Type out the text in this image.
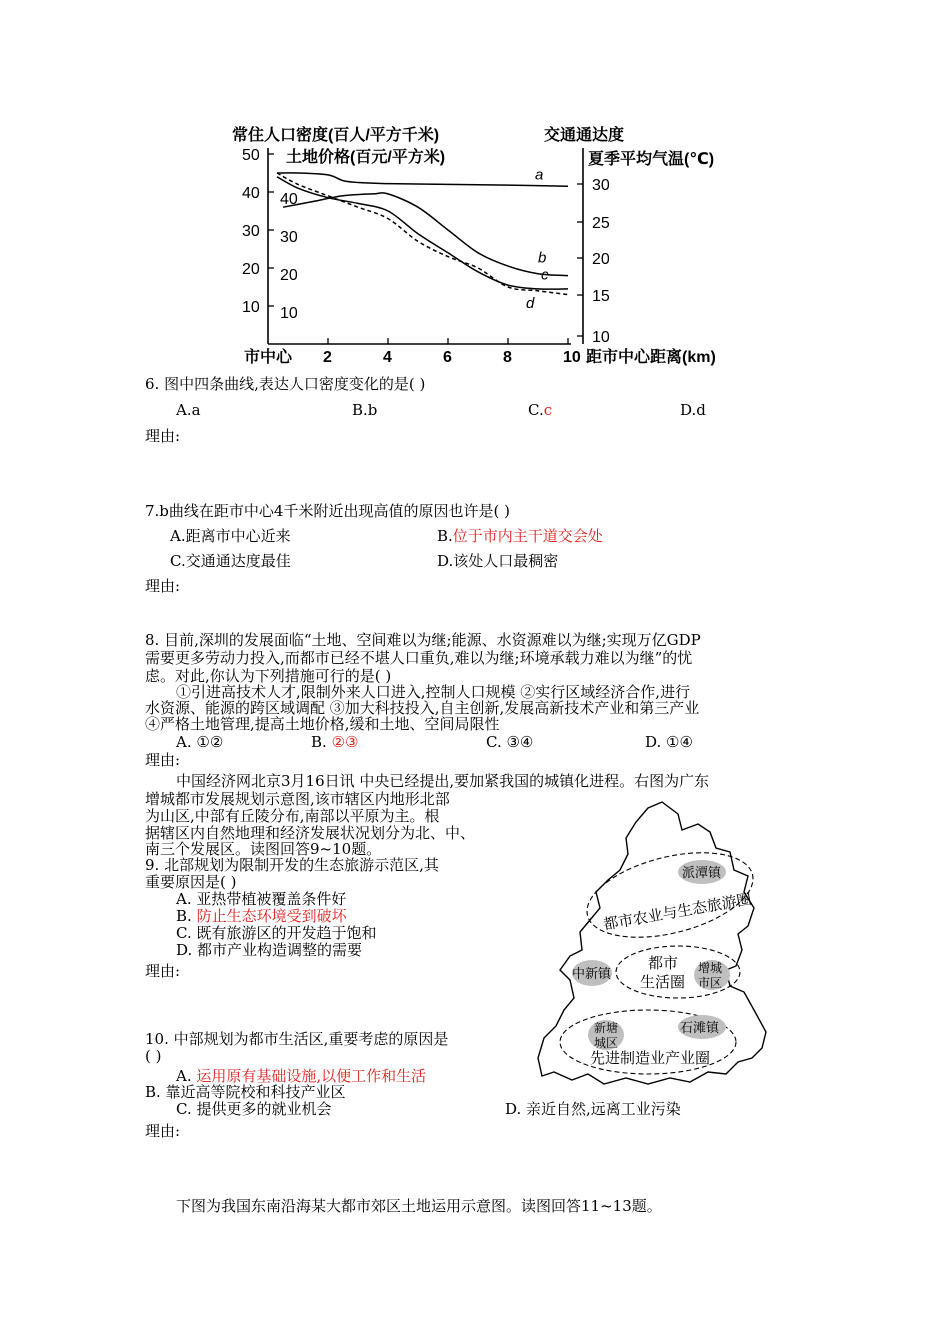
常住人口密度(百人/平方千米)
土地价格(百元/平方米)
交通通达度
夏季平均气温(℃)
50
40
30
20
10
40
30
20
10
30
25
20
15
10
2	4	6	8	10
a
b
c
d
市中心	距市中心距离(km)
6. 图中四条曲线,表达人口密度变化的是( )
A.a	B.b	C.c	D.d
理由:
7.b曲线在距市中心4千米附近出现高值的原因也许是( )
A.距离市中心近来	B.位于市内主干道交会处
C.交通通达度最佳	D.该处人口最稠密
理由:
8. 目前,深圳的发展面临“土地、空间难以为继;能源、水资源难以为继;实现万亿GDP
需要更多劳动力投入,而都市已经不堪人口重负,难以为继;环境承载力难以为继”的忧
虑。对此,你认为下列措施可行的是( )
①引进高技术人才,限制外来人口进入,控制人口规模 ②实行区域经济合作,进行
水资源、能源的跨区域调配 ③加大科技投入,自主创新,发展高新技术产业和第三产业
④严格土地管理,提高土地价格,缓和土地、空间局限性
A. ①②	B. ②③	C. ③④	D. ①④
理由:
中国经济网北京3月16日讯 中央已经提出,要加紧我国的城镇化进程。右图为广东
增城都市发展规划示意图,该市辖区内地形北部
为山区,中部有丘陵分布,南部以平原为主。根
据辖区内自然地理和经济发展状况划分为北、中、
南三个发展区。读图回答9~10题。
9. 北部规划为限制开发的生态旅游示范区,其
重要原因是( )
A. 亚热带植被覆盖条件好
B. 防止生态环境受到破坏
C. 既有旅游区的开发趋于饱和
D. 都市产业构造调整的需要
理由:
10. 中部规划为都市生活区,重要考虑的原因是
( )
A. 运用原有基础设施,以便工作和生活
B. 靠近高等院校和科技产业区
C. 提供更多的就业机会	D. 亲近自然,远离工业污染
理由:
下图为我国东南沿海某大都市郊区土地运用示意图。读图回答11~13题。
派潭镇
都市农业与生态旅游圈
中新镇
都市
生活圈
增城
市区
新塘
城区
石滩镇
先进制造业产业圈
